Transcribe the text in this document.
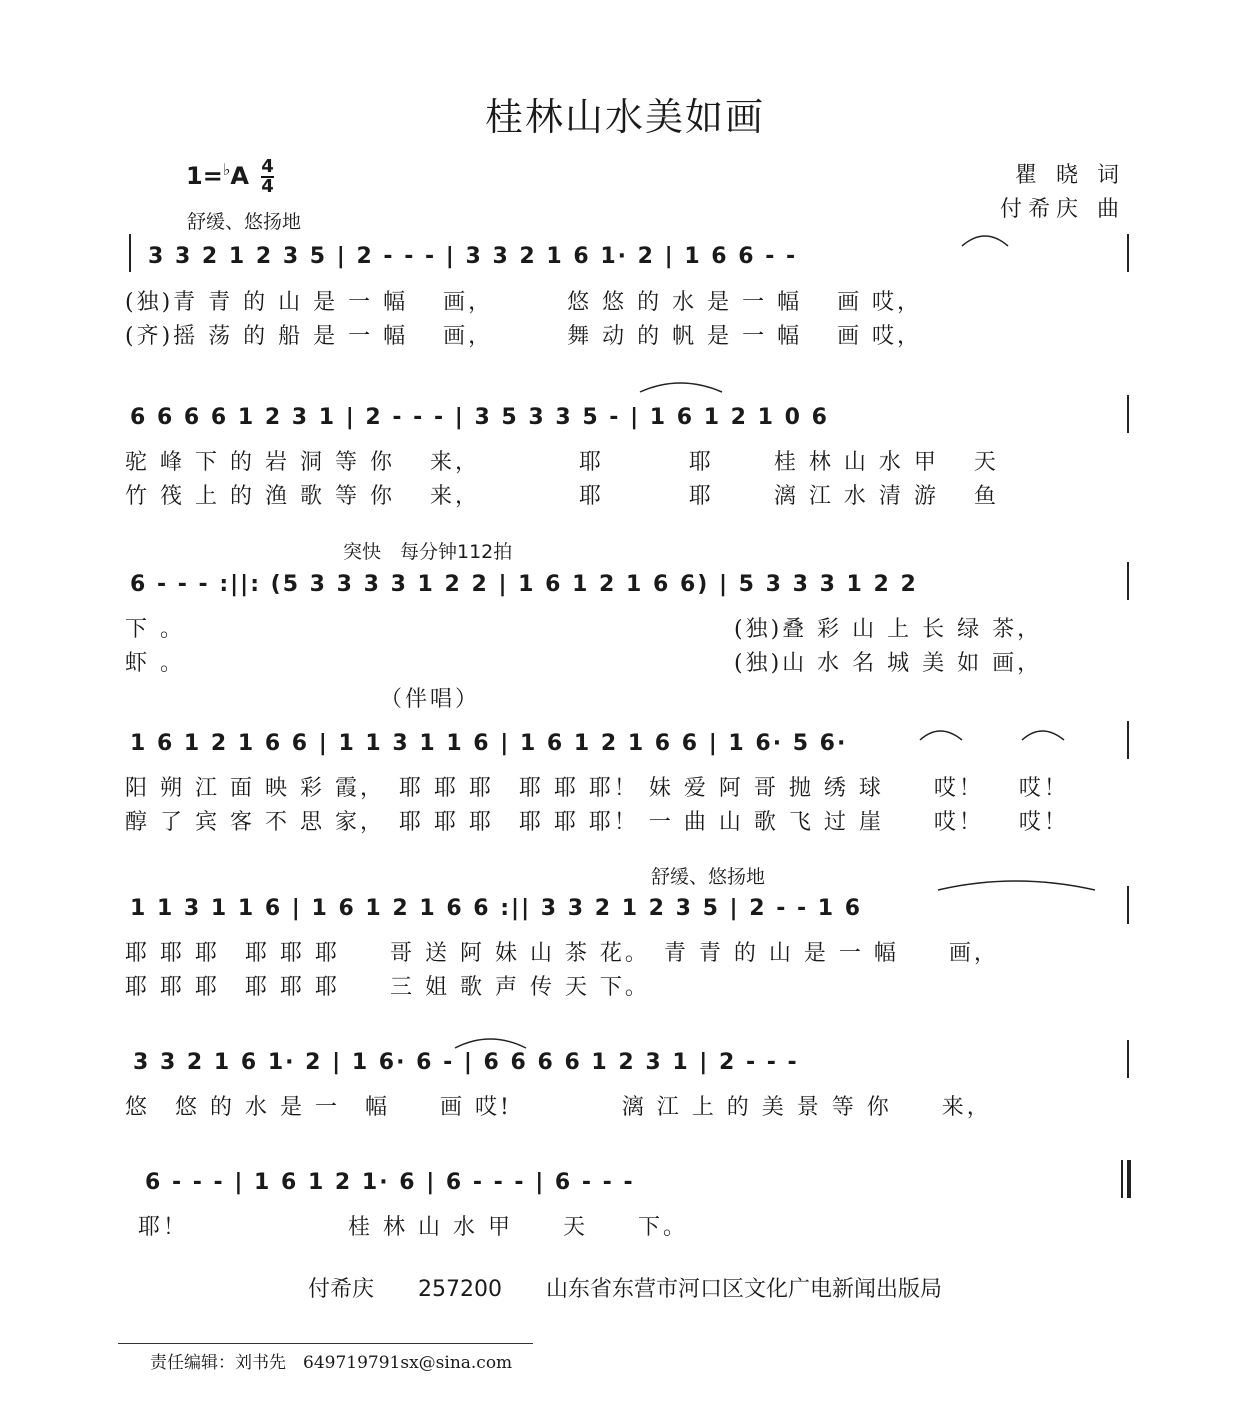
桂林山水美如画
$1=^♭A \frac{4}{4}$	瞿 晓 词
付希庆 曲
舒缓、悠扬地
突快　每分钟112拍
舒缓、悠扬地
（伴唱）
3 3 2 1 2 3 5 | 2 - - - | 3 3 2 1 6 1· 2 | 1 6 6 - -
(独)青 青 的 山 是 一 幅　 画，　　　 悠 悠 的 水 是 一 幅　 画 哎，
(齐)摇 荡 的 船 是 一 幅　 画，　　　 舞 动 的 帆 是 一 幅　 画 哎，
6 6 6 6 1 2 3 1 | 2 - - - | 3 5 3 3 5 - | 1 6 1 2 1 0 6
驼 峰 下 的 岩 洞 等 你　 来，　　　　 耶　　　 耶　　 桂 林 山 水 甲　 天
竹 筏 上 的 渔 歌 等 你　 来，　　　　 耶　　　 耶　　 漓 江 水 清 游　 鱼
6 - - - :||: (5 3 3 3 3 1 2 2 | 1 6 1 2 1 6 6) | 5 3 3 3 1 2 2
下 。　　　　　　　　　　　　　　　　　　　　　　 (独)叠 彩 山 上 长 绿 茶，
虾 。　　　　　　　　　　　　　　　　　　　　　　 (独)山 水 名 城 美 如 画，
1 6 1 2 1 6 6 | 1 1 3 1 1 6 | 1 6 1 2 1 6 6 | 1 6· 5 6·
阳 朔 江 面 映 彩 霞，　耶 耶 耶　耶 耶 耶！ 妹 爱 阿 哥 抛 绣 球　　哎！　 哎！
醇 了 宾 客 不 思 家，　耶 耶 耶　耶 耶 耶！ 一 曲 山 歌 飞 过 崖　　哎！　 哎！
1 1 3 1 1 6 | 1 6 1 2 1 6 6 :|| 3 3 2 1 2 3 5 | 2 - - 1 6
耶 耶 耶　耶 耶 耶　　哥 送 阿 妹 山 茶 花。　青 青 的 山 是 一 幅　　画，
耶 耶 耶　耶 耶 耶　　三 姐 歌 声 传 天 下。
3 3 2 1 6 1· 2 | 1 6· 6 - | 6 6 6 6 1 2 3 1 | 2 - - -
悠　悠 的 水 是 一　幅　　画 哎!　　　　 漓 江 上 的 美 景 等 你　　来，
6 - - - | 1 6 1 2 1· 6 | 6 - - - | 6 - - -
耶！　　　　　　 桂 林 山 水 甲　　天　　下。
付希庆　　257200　　山东省东营市河口区文化广电新闻出版局
责任编辑：刘书先　649719791sx@sina.com
